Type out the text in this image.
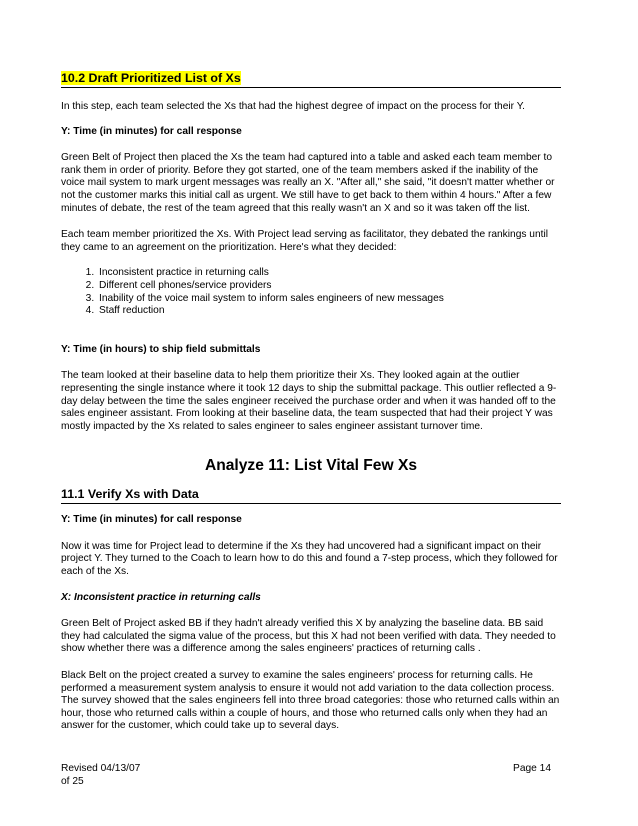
10.2 Draft Prioritized List of Xs

In this step, each team selected the Xs that had the highest degree of impact on the process for their Y.

Y: Time (in minutes) for call response

Green Belt of Project then placed the Xs the team had captured into a table and asked each team member to rank them in order of priority. Before they got started, one of the team members asked if the inability of the voice mail system to mark urgent messages was really an X. "After all," she said, "it doesn't matter whether or not the customer marks this initial call as urgent. We still have to get back to them within 4 hours." After a few minutes of debate, the rest of the team agreed that this really wasn't an X and so it was taken off the list.

Each team member prioritized the Xs. With Project lead serving as facilitator, they debated the rankings until they came to an agreement on the prioritization. Here's what they decided:

1. Inconsistent practice in returning calls
2. Different cell phones/service providers
3. Inability of the voice mail system to inform sales engineers of new messages
4. Staff reduction

Y: Time (in hours) to ship field submittals

The team looked at their baseline data to help them prioritize their Xs. They looked again at the outlier representing the single instance where it took 12 days to ship the submittal package. This outlier reflected a 9-day delay between the time the sales engineer received the purchase order and when it was handed off to the sales engineer assistant. From looking at their baseline data, the team suspected that had their project Y was mostly impacted by the Xs related to sales engineer to sales engineer assistant turnover time.

Analyze 11: List Vital Few Xs

11.1 Verify Xs with Data

Y: Time (in minutes) for call response

Now it was time for Project lead to determine if the Xs they had uncovered had a significant impact on their project Y. They turned to the Coach to learn how to do this and found a 7-step process, which they followed for each of the Xs.

X: Inconsistent practice in returning calls

Green Belt of Project asked BB if they hadn't already verified this X by analyzing the baseline data. BB said they had calculated the sigma value of the process, but this X had not been verified with data. They needed to show whether there was a difference among the sales engineers' practices of returning calls .

Black Belt on the project created a survey to examine the sales engineers' process for returning calls. He performed a measurement system analysis to ensure it would not add variation to the data collection process. The survey showed that the sales engineers fell into three broad categories: those who returned calls within an hour, those who returned calls within a couple of hours, and those who returned calls only when they had an answer for the customer, which could take up to several days.

Revised 04/13/07
of 25
Page 14
